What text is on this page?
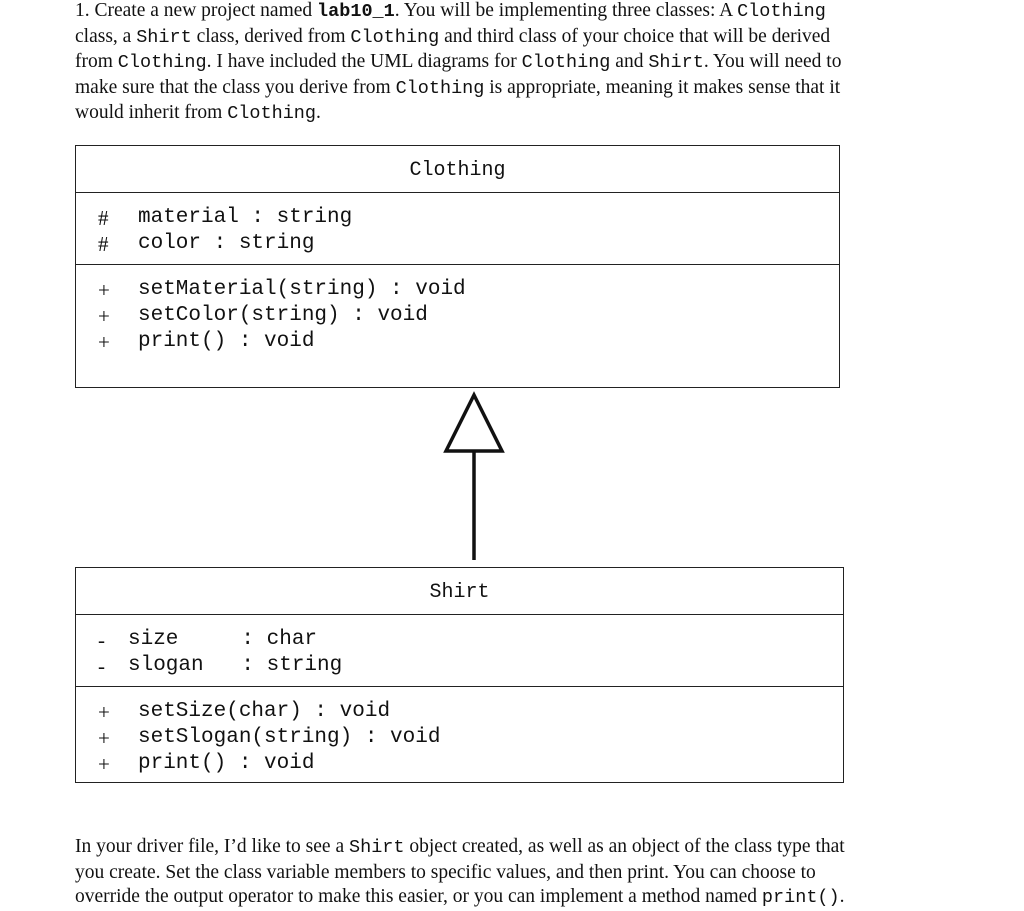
1. Create a new project named lab10_1. You will be implementing three classes: A Clothing
class, a Shirt class, derived from Clothing and third class of your choice that will be derived
from Clothing. I have included the UML diagrams for Clothing and Shirt. You will need to
make sure that the class you derive from Clothing is appropriate, meaning it makes sense that it
would inherit from Clothing.
Clothing
# material : string
# color : string
+ setMaterial(string) : void
+ setColor(string) : void
+ print() : void
Shirt
- size     : char
- slogan   : string
+ setSize(char) : void
+ setSlogan(string) : void
+ print() : void
In your driver file, I’d like to see a Shirt object created, as well as an object of the class type that
you create. Set the class variable members to specific values, and then print. You can choose to
override the output operator to make this easier, or you can implement a method named print().
